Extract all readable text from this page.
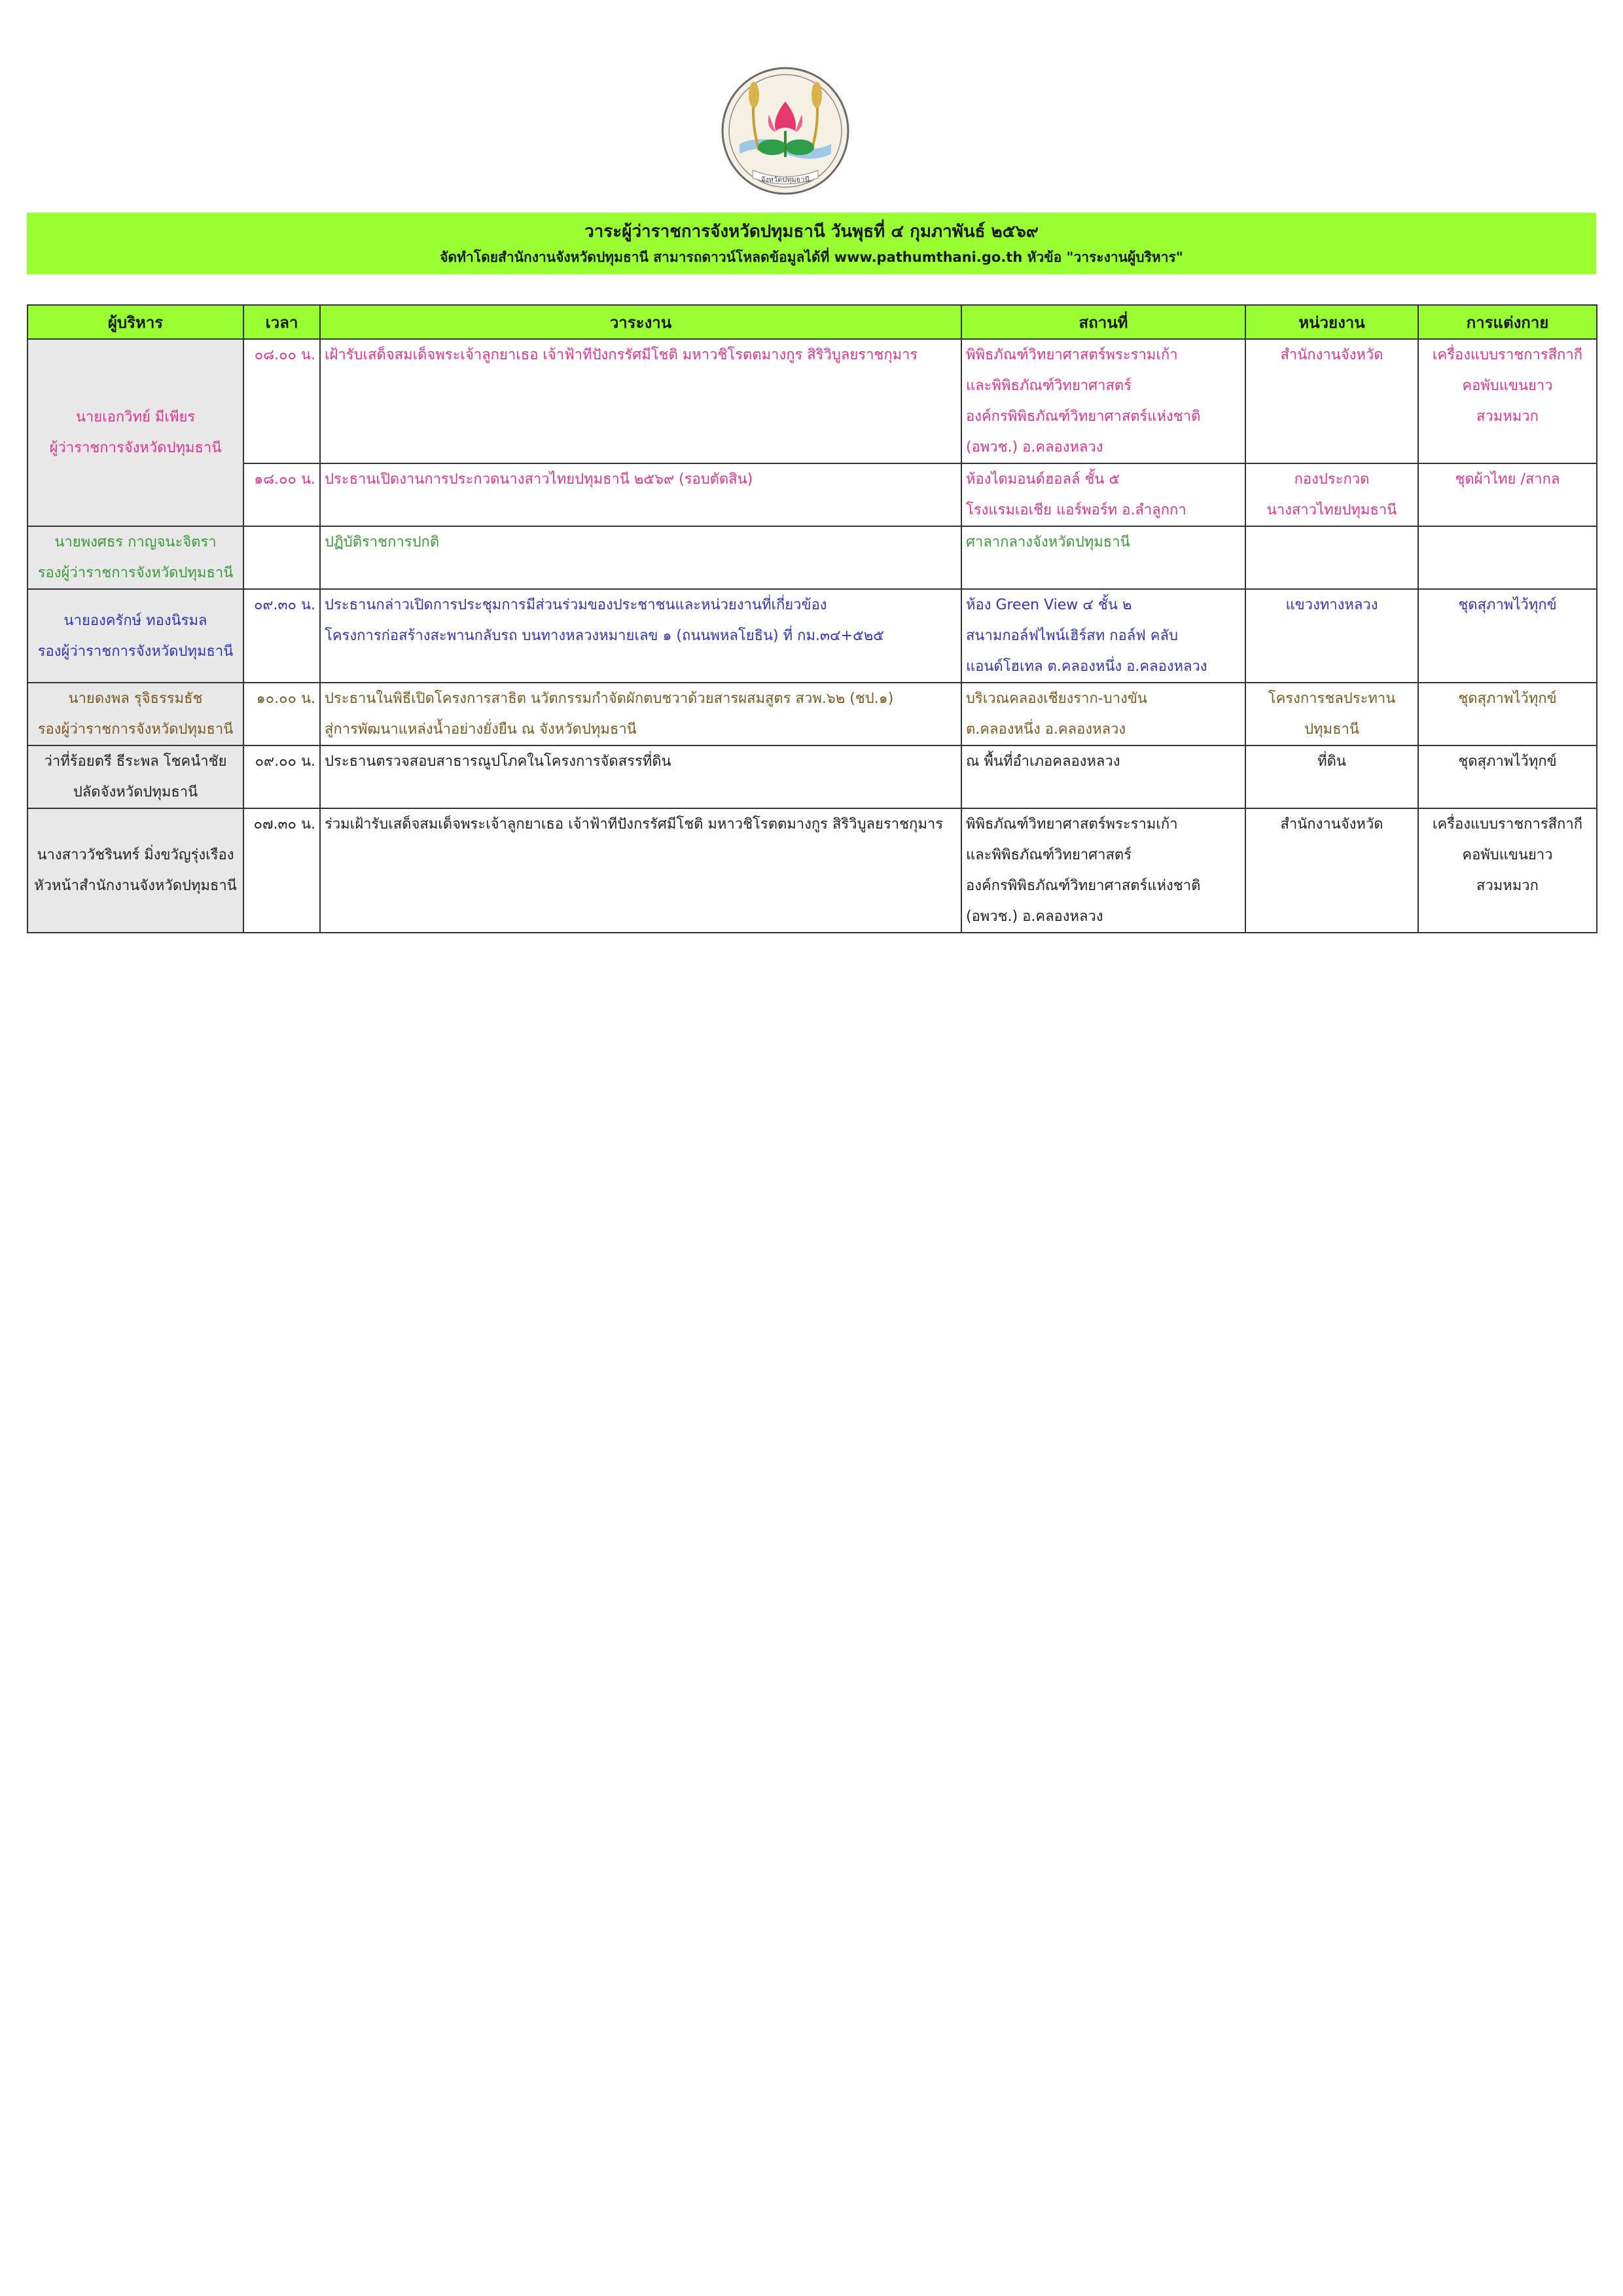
จังหวัดปทุมธานี
วาระผู้ว่าราชการจังหวัดปทุมธานี วันพุธที่ ๔ กุมภาพันธ์ ๒๕๖๙
จัดทำโดยสำนักงานจังหวัดปทุมธานี สามารถดาวน์โหลดข้อมูลได้ที่ www.pathumthani.go.th หัวข้อ "วาระงานผู้บริหาร"
ผู้บริหาร	เวลา	วาระงาน	สถานที่	หน่วยงาน	การแต่งกาย

นายเอกวิทย์ มีเพียร
ผู้ว่าราชการจังหวัดปทุมธานี	๐๘.๐๐ น.	เฝ้ารับเสด็จสมเด็จพระเจ้าลูกยาเธอ เจ้าฟ้าทีปังกรรัศมีโชติ มหาวชิโรตตมางกูร สิริวิบูลยราชกุมาร	พิพิธภัณฑ์วิทยาศาสตร์พระรามเก้า
และพิพิธภัณฑ์วิทยาศาสตร์
องค์กรพิพิธภัณฑ์วิทยาศาสตร์แห่งชาติ
(อพวช.) อ.คลองหลวง	สำนักงานจังหวัด	เครื่องแบบราชการสีกากี
คอพับแขนยาว
สวมหมวก

	๑๘.๐๐ น.	ประธานเปิดงานการประกวดนางสาวไทยปทุมธานี ๒๕๖๙ (รอบตัดสิน)	ห้องไดมอนด์ฮอลล์ ชั้น ๕
โรงแรมเอเชีย แอร์พอร์ท อ.ลำลูกกา	กองประกวด
นางสาวไทยปทุมธานี	ชุดผ้าไทย /สากล

นายพงศธร กาญจนะจิตรา
รองผู้ว่าราชการจังหวัดปทุมธานี		ปฏิบัติราชการปกติ	ศาลากลางจังหวัดปทุมธานี		

นายองครักษ์ ทองนิรมล
รองผู้ว่าราชการจังหวัดปทุมธานี	๐๙.๓๐ น.	ประธานกล่าวเปิดการประชุมการมีส่วนร่วมของประชาชนและหน่วยงานที่เกี่ยวข้อง
โครงการก่อสร้างสะพานกลับรถ บนทางหลวงหมายเลข ๑ (ถนนพหลโยธิน) ที่ กม.๓๔+๕๒๕	ห้อง Green View ๔ ชั้น ๒
สนามกอล์ฟไพน์เฮิร์สท กอล์ฟ คลับ
แอนด์โฮเทล ต.คลองหนึ่ง อ.คลองหลวง	แขวงทางหลวง	ชุดสุภาพไว้ทุกข์

นายดงพล รุจิธรรมธัช
รองผู้ว่าราชการจังหวัดปทุมธานี	๑๐.๐๐ น.	ประธานในพิธีเปิดโครงการสาธิต นวัตกรรมกำจัดผักตบชวาด้วยสารผสมสูตร สวพ.๖๒ (ชป.๑)
สู่การพัฒนาแหล่งน้ำอย่างยั่งยืน ณ จังหวัดปทุมธานี	บริเวณคลองเชียงราก-บางขัน
ต.คลองหนึ่ง อ.คลองหลวง	โครงการชลประทาน
ปทุมธานี	ชุดสุภาพไว้ทุกข์

ว่าที่ร้อยตรี ธีระพล โชคนำชัย
ปลัดจังหวัดปทุมธานี	๐๙.๐๐ น.	ประธานตรวจสอบสาธารณูปโภคในโครงการจัดสรรที่ดิน	ณ พื้นที่อำเภอคลองหลวง	ที่ดิน	ชุดสุภาพไว้ทุกข์

นางสาววัชรินทร์ มิ่งขวัญรุ่งเรือง
หัวหน้าสำนักงานจังหวัดปทุมธานี	๐๗.๓๐ น.	ร่วมเฝ้ารับเสด็จสมเด็จพระเจ้าลูกยาเธอ เจ้าฟ้าทีปังกรรัศมีโชติ มหาวชิโรตตมางกูร สิริวิบูลยราชกุมาร	พิพิธภัณฑ์วิทยาศาสตร์พระรามเก้า
และพิพิธภัณฑ์วิทยาศาสตร์
องค์กรพิพิธภัณฑ์วิทยาศาสตร์แห่งชาติ
(อพวช.) อ.คลองหลวง	สำนักงานจังหวัด	เครื่องแบบราชการสีกากี
คอพับแขนยาว
สวมหมวก
